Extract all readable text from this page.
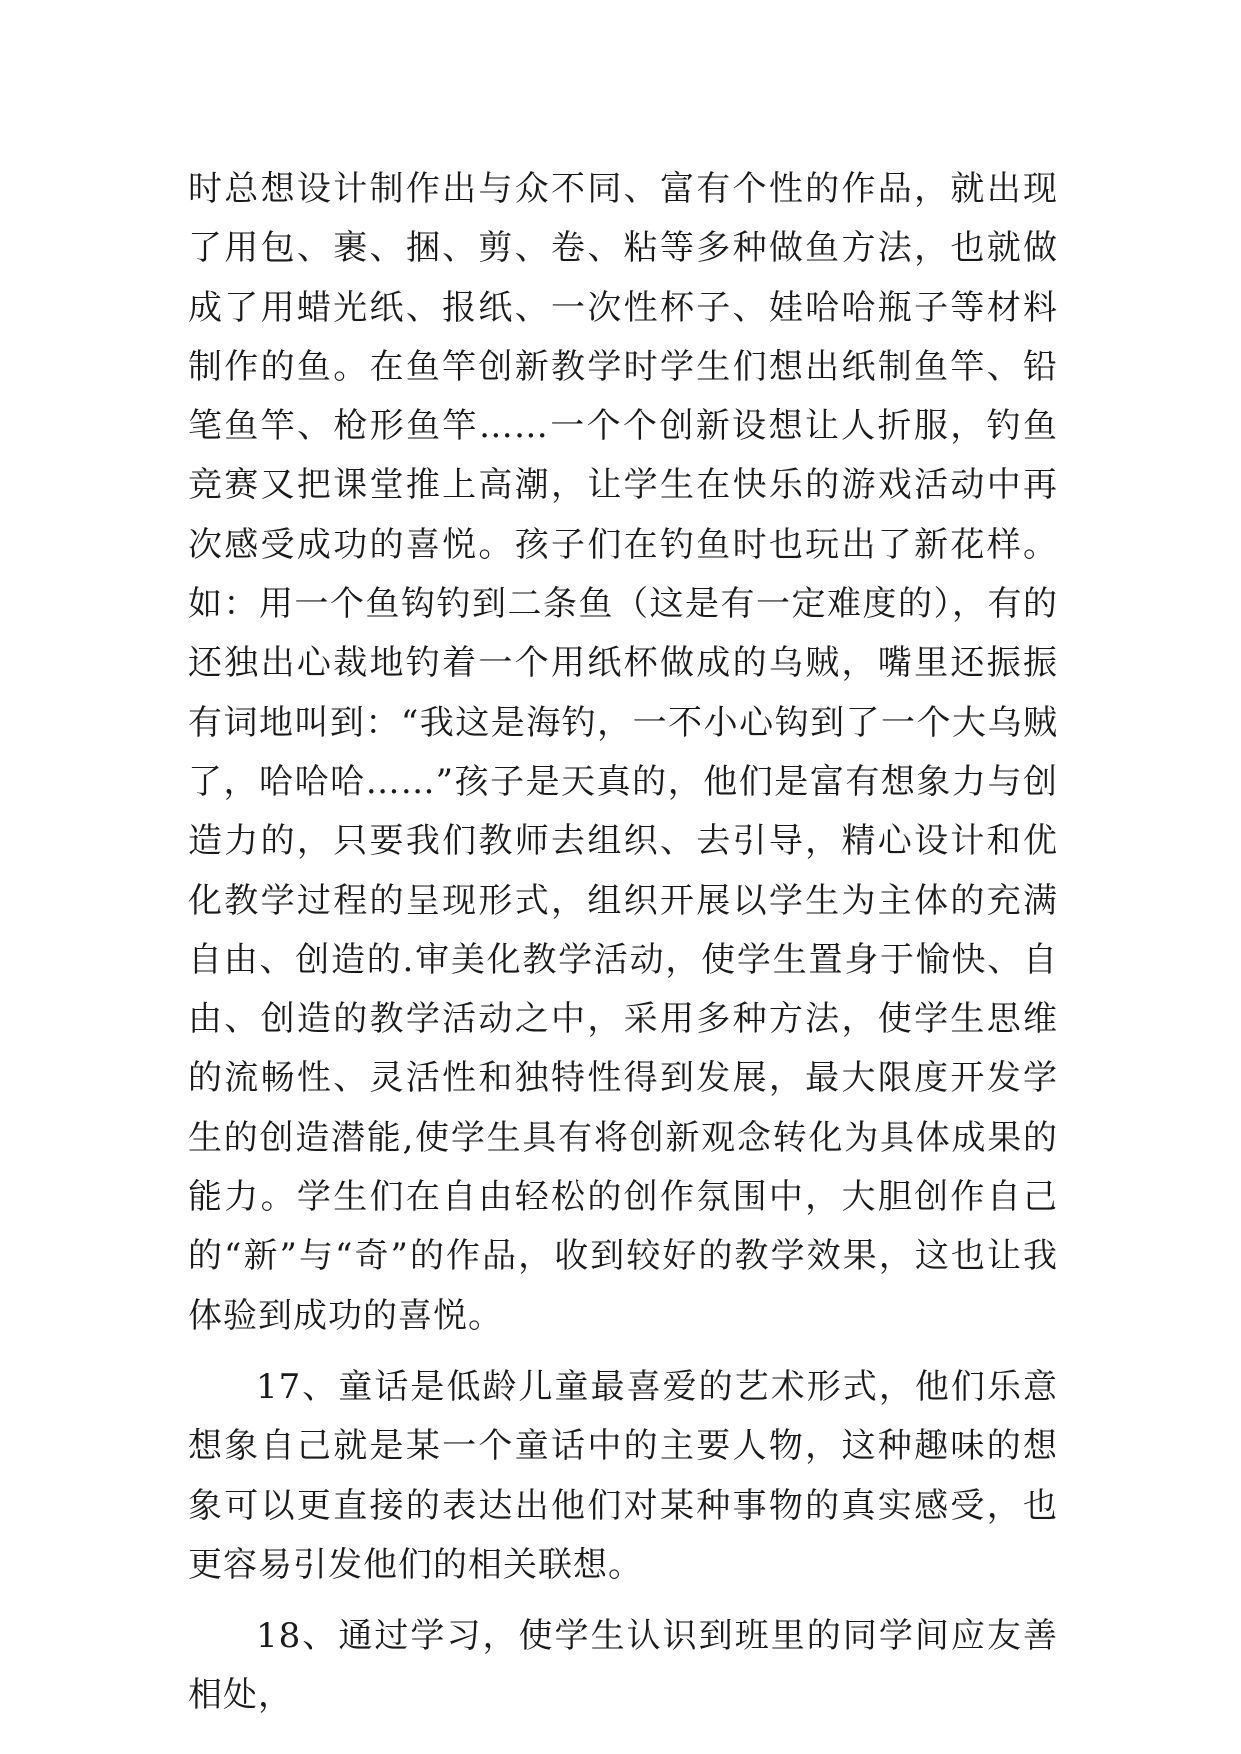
时总想设计制作出与众不同、富有个性的作品，就出现了用包、裹、捆、剪、卷、粘等多种做鱼方法，也就做成了用蜡光纸、报纸、一次性杯子、娃哈哈瓶子等材料制作的鱼。在鱼竿创新教学时学生们想出纸制鱼竿、铅笔鱼竿、枪形鱼竿……一个个创新设想让人折服，钓鱼竞赛又把课堂推上高潮，让学生在快乐的游戏活动中再次感受成功的喜悦。孩子们在钓鱼时也玩出了新花样。如：用一个鱼钩钓到二条鱼（这是有一定难度的），有的还独出心裁地钓着一个用纸杯做成的乌贼，嘴里还振振有词地叫到：“我这是海钓，一不小心钩到了一个大乌贼了，哈哈哈……”孩子是天真的，他们是富有想象力与创造力的，只要我们教师去组织、去引导，精心设计和优化教学过程的呈现形式，组织开展以学生为主体的充满自由、创造的.审美化教学活动，使学生置身于愉快、自由、创造的教学活动之中，采用多种方法，使学生思维的流畅性、灵活性和独特性得到发展，最大限度开发学生的创造潜能,使学生具有将创新观念转化为具体成果的能力。学生们在自由轻松的创作氛围中，大胆创作自己的“新”与“奇”的作品，收到较好的教学效果，这也让我体验到成功的喜悦。

17、童话是低龄儿童最喜爱的艺术形式，他们乐意想象自己就是某一个童话中的主要人物，这种趣味的想象可以更直接的表达出他们对某种事物的真实感受，也更容易引发他们的相关联想。

18、通过学习，使学生认识到班里的同学间应友善相处，
